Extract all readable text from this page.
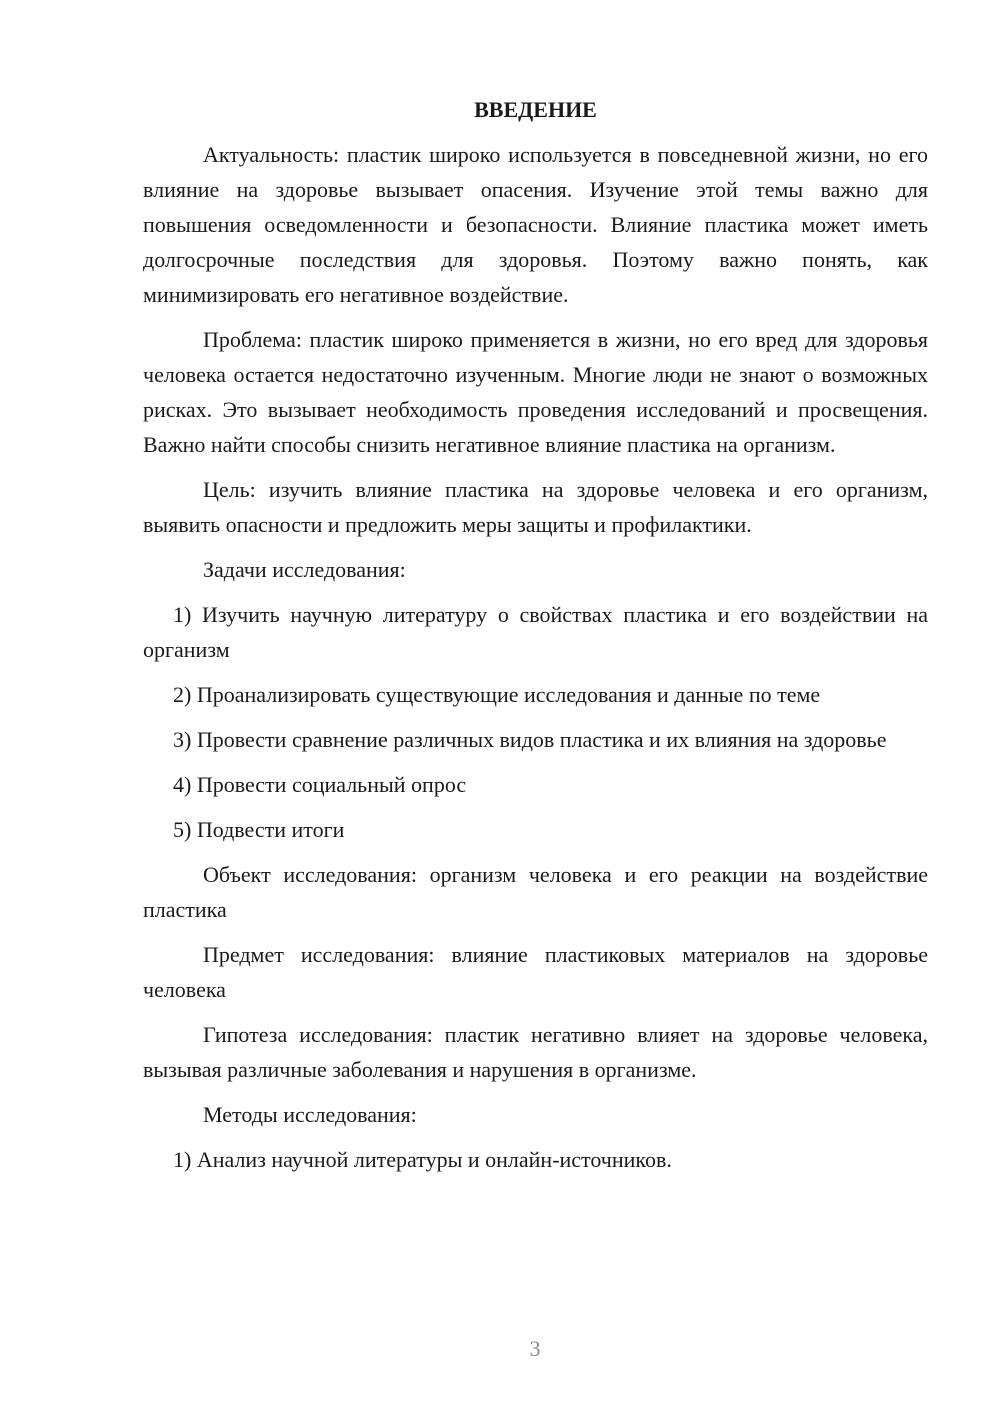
ВВЕДЕНИЕ
Актуальность: пластик широко используется в повседневной жизни, но его влияние на здоровье вызывает опасения. Изучение этой темы важно для повышения осведомленности и безопасности. Влияние пластика может иметь долгосрочные последствия для здоровья. Поэтому важно понять, как минимизировать его негативное воздействие.
Проблема: пластик широко применяется в жизни, но его вред для здоровья человека остается недостаточно изученным. Многие люди не знают о возможных рисках. Это вызывает необходимость проведения исследований и просвещения. Важно найти способы снизить негативное влияние пластика на организм.
Цель: изучить влияние пластика на здоровье человека и его организм, выявить опасности и предложить меры защиты и профилактики.
Задачи исследования:
1) Изучить научную литературу о свойствах пластика и его воздействии на организм
2) Проанализировать существующие исследования и данные по теме
3) Провести сравнение различных видов пластика и их влияния на здоровье
4) Провести социальный опрос
5) Подвести итоги
Объект исследования: организм человека и его реакции на воздействие пластика
Предмет исследования: влияние пластиковых материалов на здоровье человека
Гипотеза исследования: пластик негативно влияет на здоровье человека, вызывая различные заболевания и нарушения в организме.
Методы исследования:
1) Анализ научной литературы и онлайн-источников.
3
